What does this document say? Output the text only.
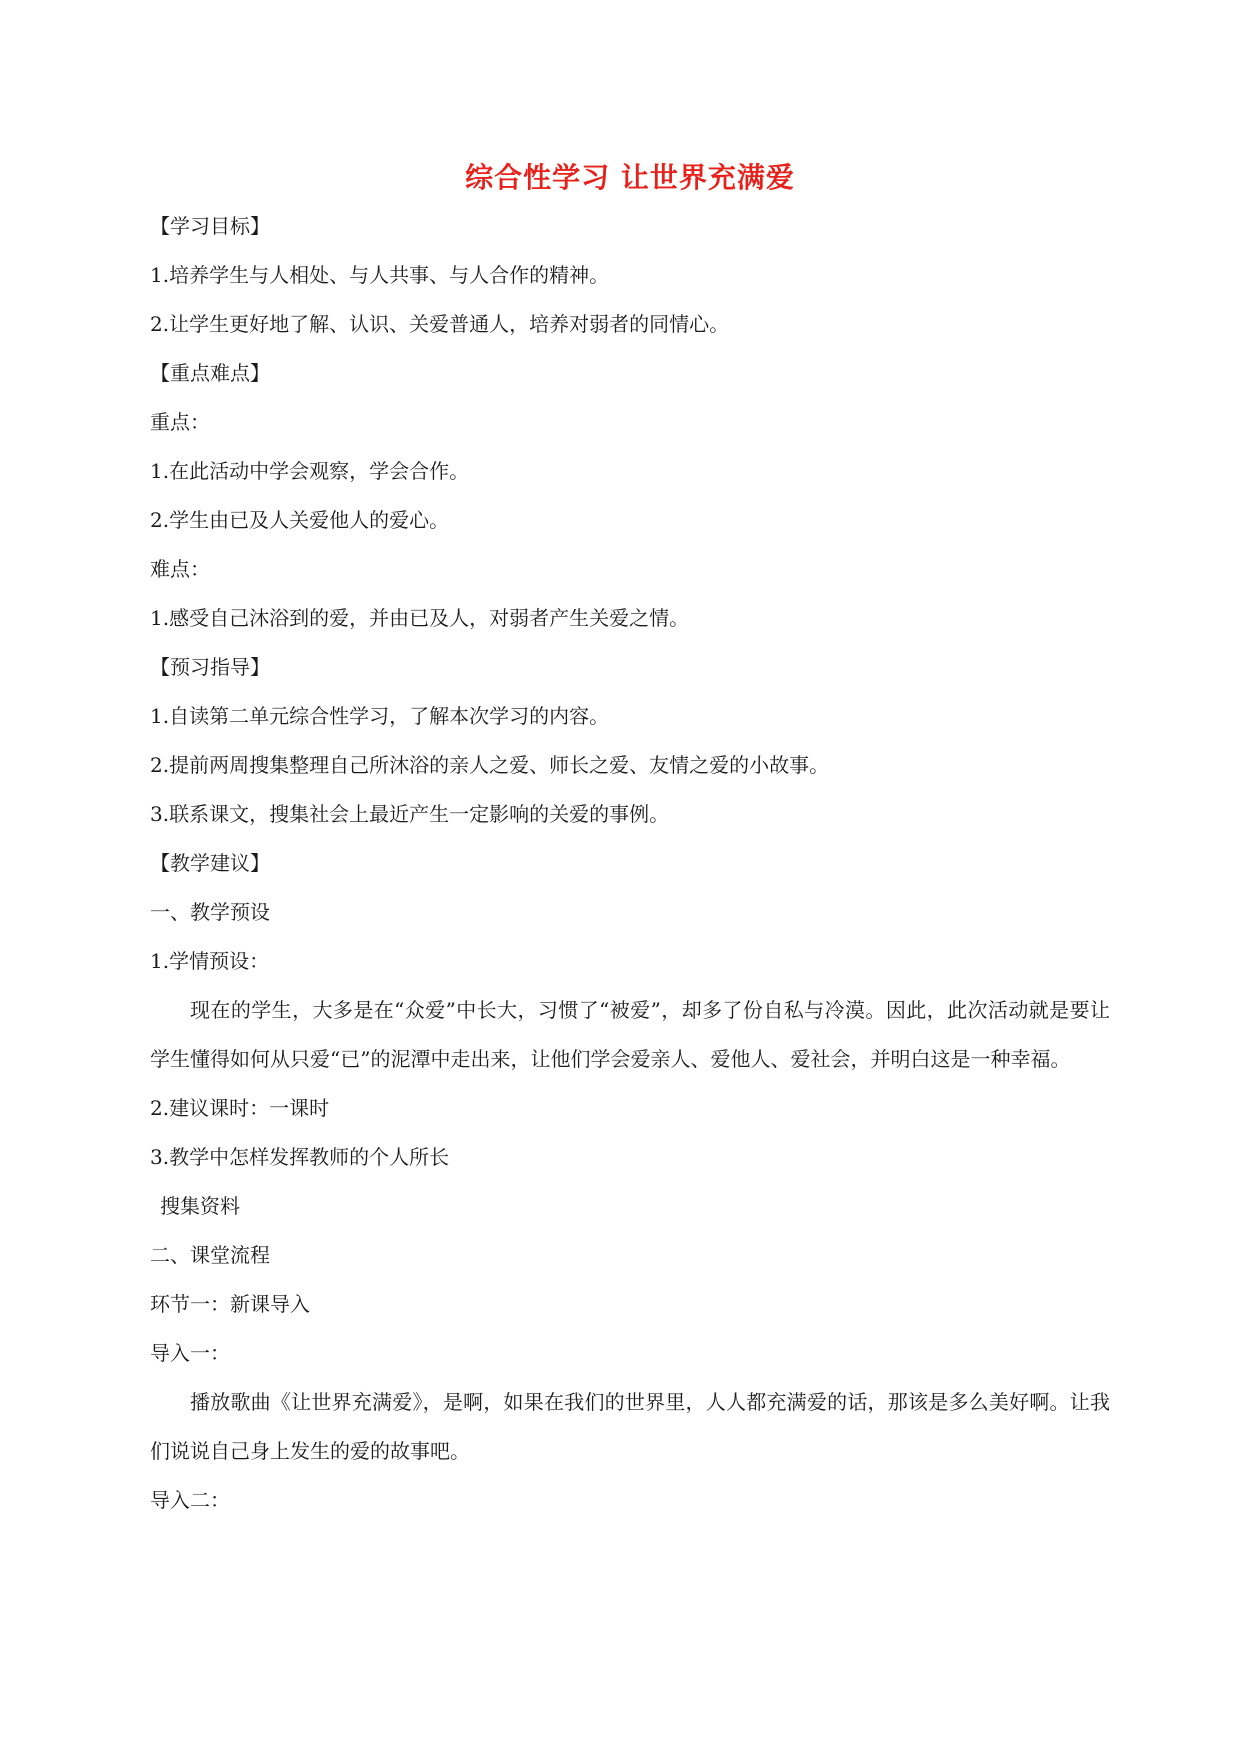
综合性学习 让世界充满爱
【学习目标】
1.培养学生与人相处、与人共事、与人合作的精神。
2.让学生更好地了解、认识、关爱普通人，培养对弱者的同情心。
【重点难点】
重点：
1.在此活动中学会观察，学会合作。
2.学生由已及人关爱他人的爱心。
难点：
1.感受自己沐浴到的爱，并由已及人，对弱者产生关爱之情。
【预习指导】
1.自读第二单元综合性学习，了解本次学习的内容。
2.提前两周搜集整理自己所沐浴的亲人之爱、师长之爱、友情之爱的小故事。
3.联系课文，搜集社会上最近产生一定影响的关爱的事例。
【教学建议】
一、教学预设
1.学情预设：

现在的学生，大多是在“众爱”中长大，习惯了“被爱”，却多了份自私与冷漠。因此，此次活动就是要让学生懂得如何从只爱“已”的泥潭中走出来，让他们学会爱亲人、爱他人、爱社会，并明白这是一种幸福。

2.建议课时：一课时
3.教学中怎样发挥教师的个人所长
搜集资料
二、课堂流程
环节一：新课导入
导入一：

播放歌曲《让世界充满爱》，是啊，如果在我们的世界里，人人都充满爱的话，那该是多么美好啊。让我们说说自己身上发生的爱的故事吧。

导入二：
